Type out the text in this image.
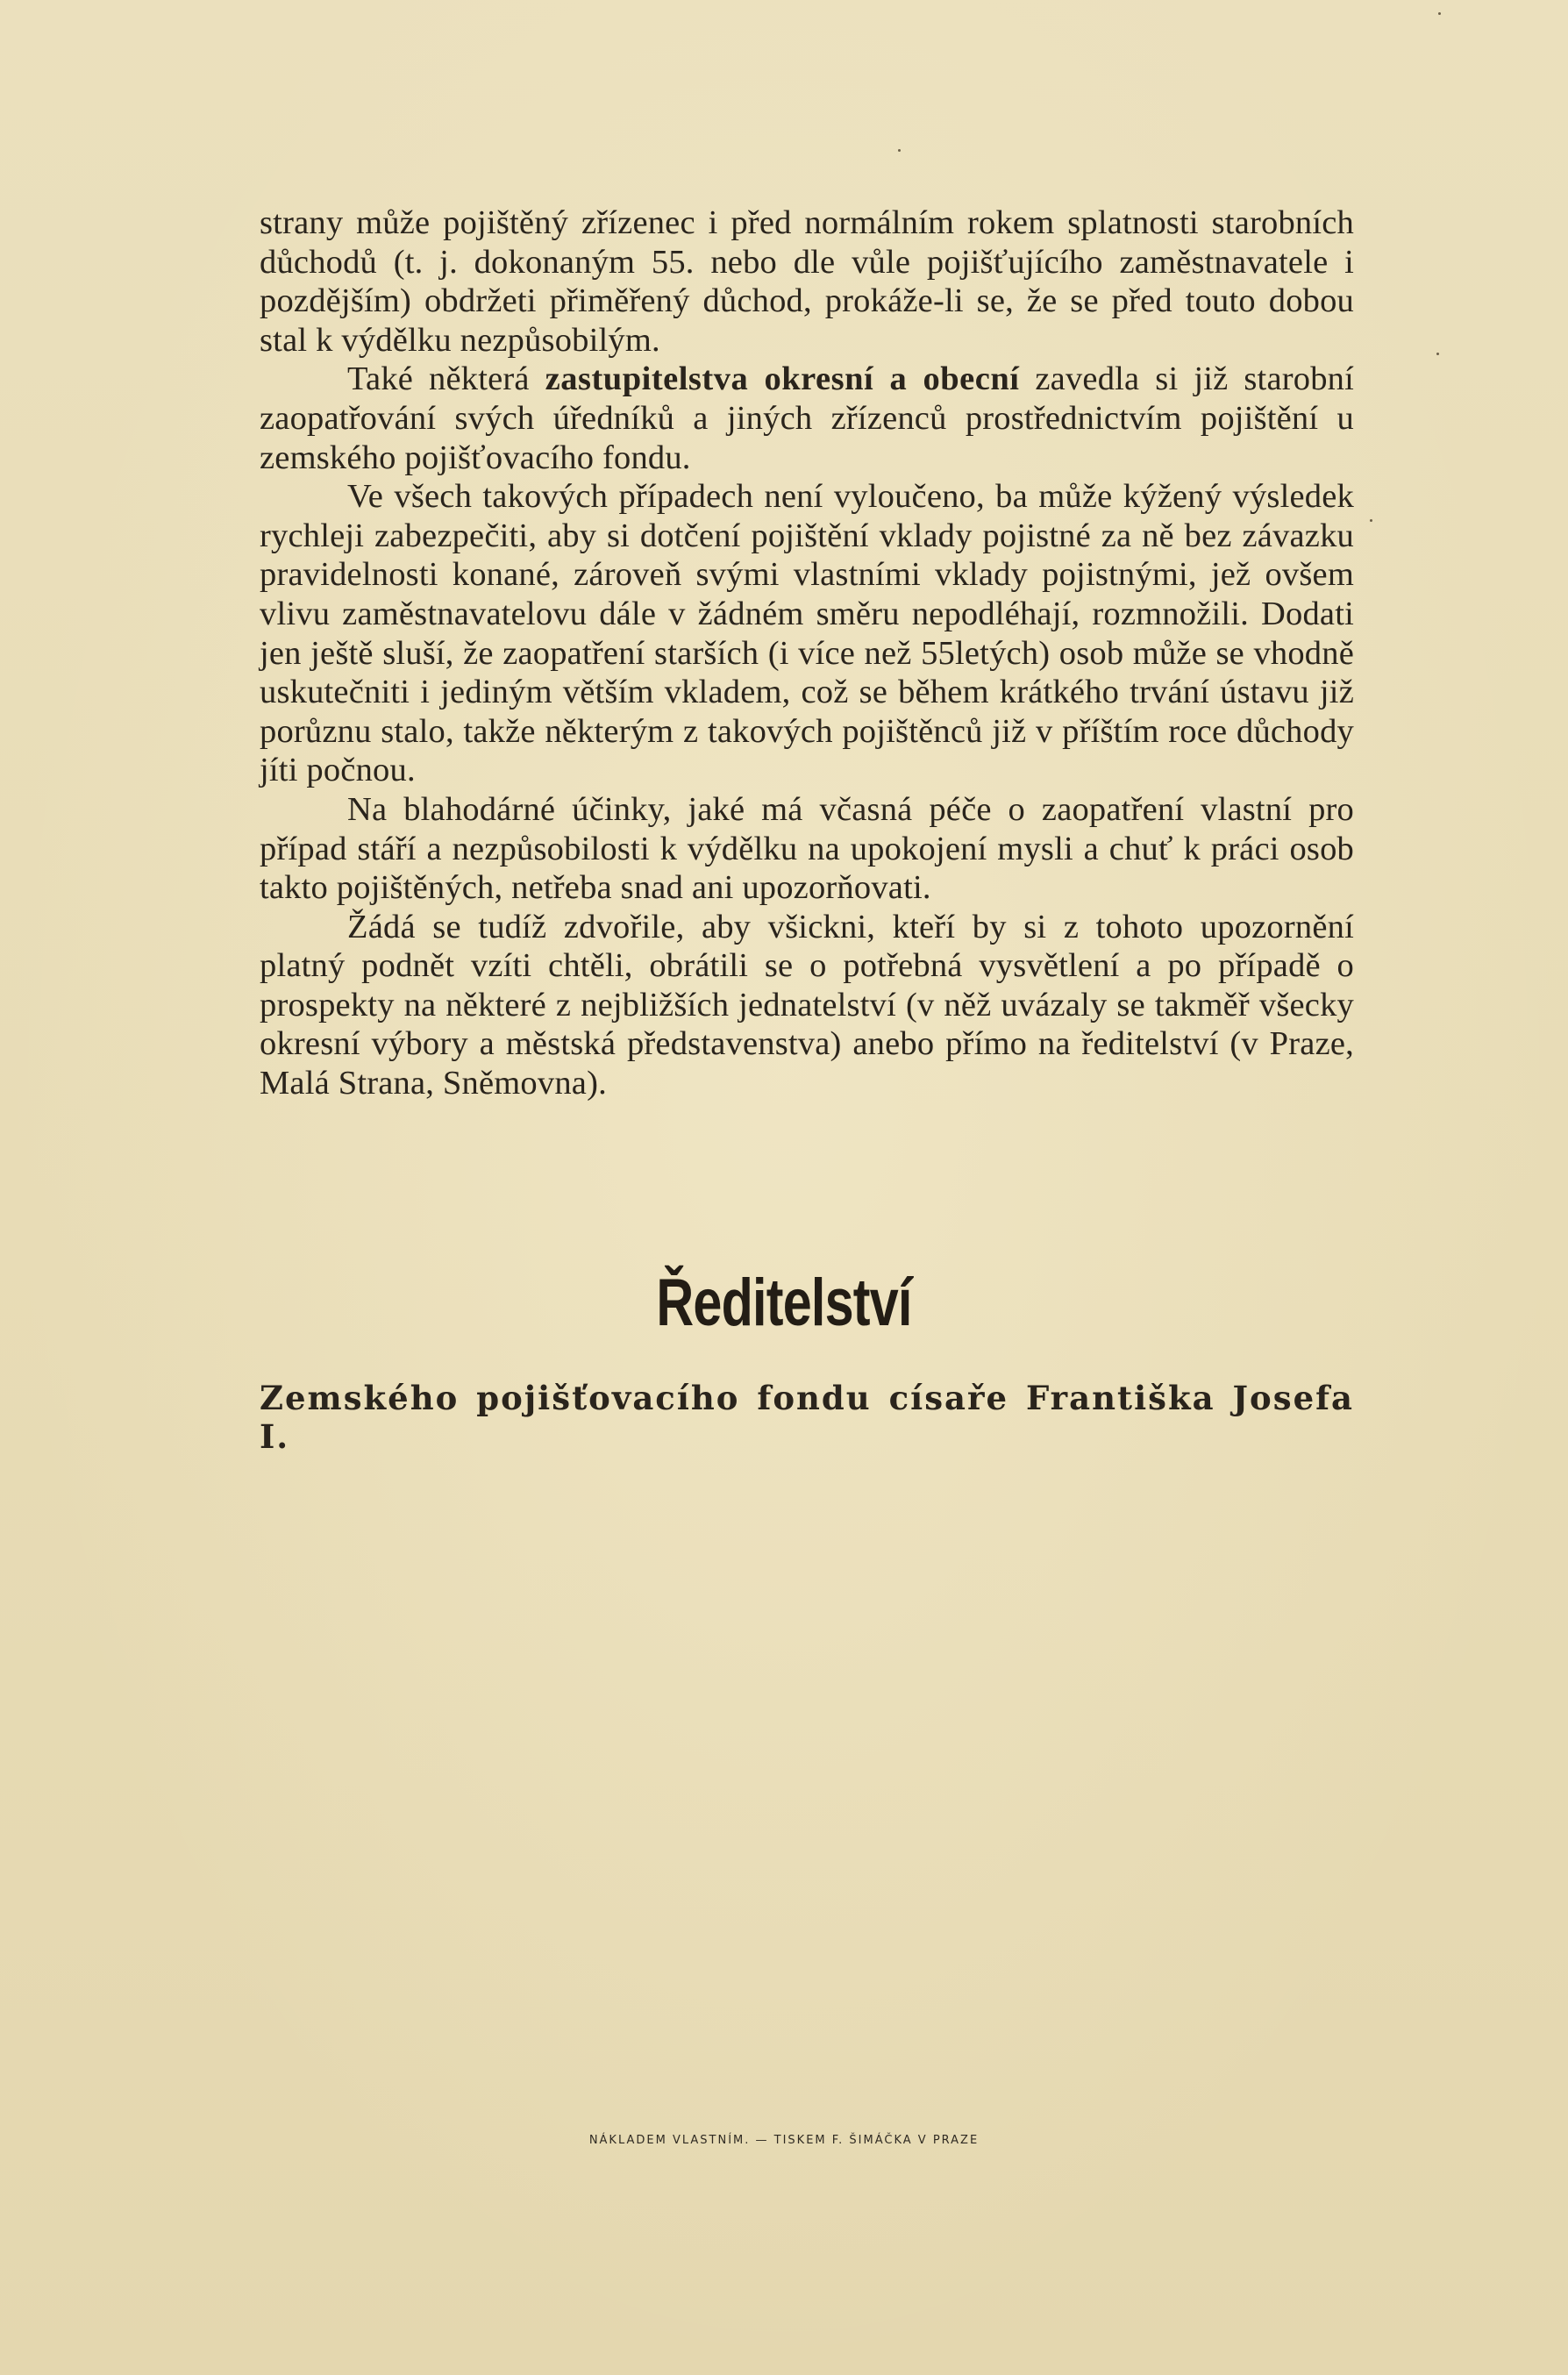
strany může pojištěný zřízenec i před normálním rokem splatnosti starobních důchodů (t. j. dokonaným 55. nebo dle vůle pojišťujícího zaměstnavatele i pozdějším) obdržeti přiměřený důchod, prokáže-li se, že se před touto dobou stal k výdělku nezpůsobilým.

Také některá zastupitelstva okresní a obecní zavedla si již starobní zaopatřování svých úředníků a jiných zřízenců prostřednictvím pojištění u zemského pojišťovacího fondu.

Ve všech takových případech není vyloučeno, ba může kýžený výsledek rychleji zabezpečiti, aby si dotčení pojištění vklady pojistné za ně bez závazku pravidelnosti konané, zároveň svými vlastními vklady pojistnými, jež ovšem vlivu zaměstnavatelovu dále v žádném směru nepodléhají, rozmnožili. Dodati jen ještě sluší, že zaopatření starších (i více než 55letých) osob může se vhodně uskutečniti i jediným větším vkladem, což se během krátkého trvání ústavu již porůznu stalo, takže některým z takových pojištěnců již v příštím roce důchody jíti počnou.

Na blahodárné účinky, jaké má včasná péče o zaopatření vlastní pro případ stáří a nezpůsobilosti k výdělku na upokojení mysli a chuť k práci osob takto pojištěných, netřeba snad ani upozorňovati.

Žádá se tudíž zdvořile, aby všickni, kteří by si z tohoto upozornění platný podnět vzíti chtěli, obrátili se o potřebná vysvětlení a po případě o prospekty na některé z nejbližších jednatelství (v něž uvázaly se takměř všecky okresní výbory a městská představenstva) anebo přímo na ředitelství (v Praze, Malá Strana, Sněmovna).

Ředitelství
Zemského pojišťovacího fondu císaře Františka Josefa I.
NÁKLADEM VLASTNÍM. — TISKEM F. ŠIMÁČKA V PRAZE
